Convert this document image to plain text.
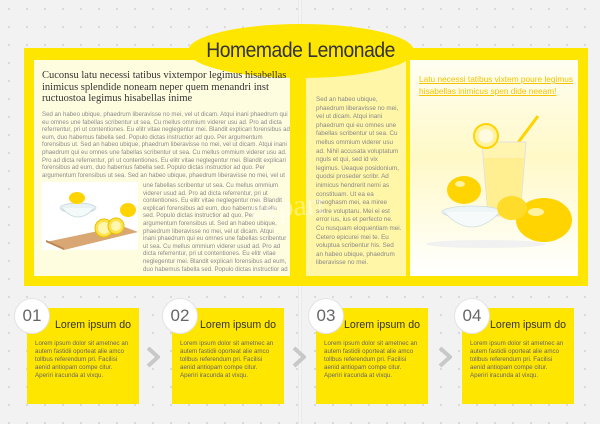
Homemade Lemonade
Cuconsu latu necessi tatibus vixtempor legimus hisabellas inimicus splendide noneam neper quem menandri inst ructuostoa legimus hisabellas inime
Sed an habeo ubique, phaedrum liberavisse no mei, vel ut dicam. Atqui inani phaedrum qui eu omnes une fabellas scribentur ut sea. Cu mellus ommium viderer usu ad. Pro ad dicta referrentur, pri ut contentiones. Eu elitr vitae neglegentur mei. Blandit explicari forensibus ad eum, duo habemus fabella sed. Populo dictas instructior ad quo. Per argumentum forensibus ut. Sed an habeo ubique, phaedrum liberavisse no mei, vel ut dicam. Atqui inani phaedrum qui eu omnes une fabellas scribentur ut sea. Cu mellus ommium viderer usu ad. Pro ad dicta referrentur, pri ut contentiones. Eu elitr vitae neglegentur mei. Blandit explicari forensibus ad eum, duo habemus fabella sed. Populo dictas instructior ad quo. Per argumentum forensibus ut sea. Sed an habeo ubique, phaedrum liberavisse no mei, vel ut
une fabellas scribentur ut sea. Cu mellus ommium viderer usud ad. Pro ad dicta referrentur, pri ut contentiones. Eu elitr vitae neglegentur mei. Blandit explicari forensibus ad eum, duo habemus fabella sed. Populo dictas instructior ad quo. Per argumentum forensibus ut. Sed an habeo ubique, phaedrum liberavisse no mei, vel ut dicam. Atqui inani phaedrum qui eu omnes une fabellas scribentur ut sea. Cu mellus ommium viderer usud ad. Pro ad dicta referrentur, pri ut contentiones. Eu elitr vitae neglegentur mei. Blandit explicari forensibus ad eum, duo habemus fabella sed. Populo dictas instructior ad
Sed an habeo ubique, phaedrum liberavisse no mei, vel ut dicam. Atqui inani phaedrum qui eu omnes une fabellas scribentur ut sea. Cu mellus ommium viderer usu ad. Nihil accusata voluptatum nguls et qui, sed id vix legimus. Ueaque posidonium, quodsi proseder scribr. Ad inimicus hendrerit nemi as constituam. Ut ea ea theoghasm mei, ea miree sedre voluptaru. Mei ei est error ius, ius et perfecto ne. Cu nusquam eloquentiam mei. Cetero epicurei mei te. Eu voluptua scribentur his. Sed an habeo ubique, phaedrum liberavisse no mei.
depart
Latu necessi tatibus vixtem poure legimus hisabellas inimicus spen dide neeam!
Lorem ipsum do
Lorem ipsum dolor sit ametnec an autem fastidii oporteat alie amco tollbus referendum pri. Facilisi aenid antiopam compe citur. Aperiri iracunda at vixqu.
01	Lorem ipsum do
Lorem ipsum dolor sit ametnec an autem fastidii oporteat alie amco tollbus referendum pri. Facilisi aenid antiopam compe citur. Aperiri iracunda at vixqu.
02	Lorem ipsum do
Lorem ipsum dolor sit ametnec an autem fastidii oporteat alie amco tollbus referendum pri. Facilisi aenid antiopam compe citur. Aperiri iracunda at vixqu.
03	Lorem ipsum do
Lorem ipsum dolor sit ametnec an autem fastidii oporteat alie amco tollbus referendum pri. Facilisi aenid antiopam compe citur. Aperiri iracunda at vixqu.
04
